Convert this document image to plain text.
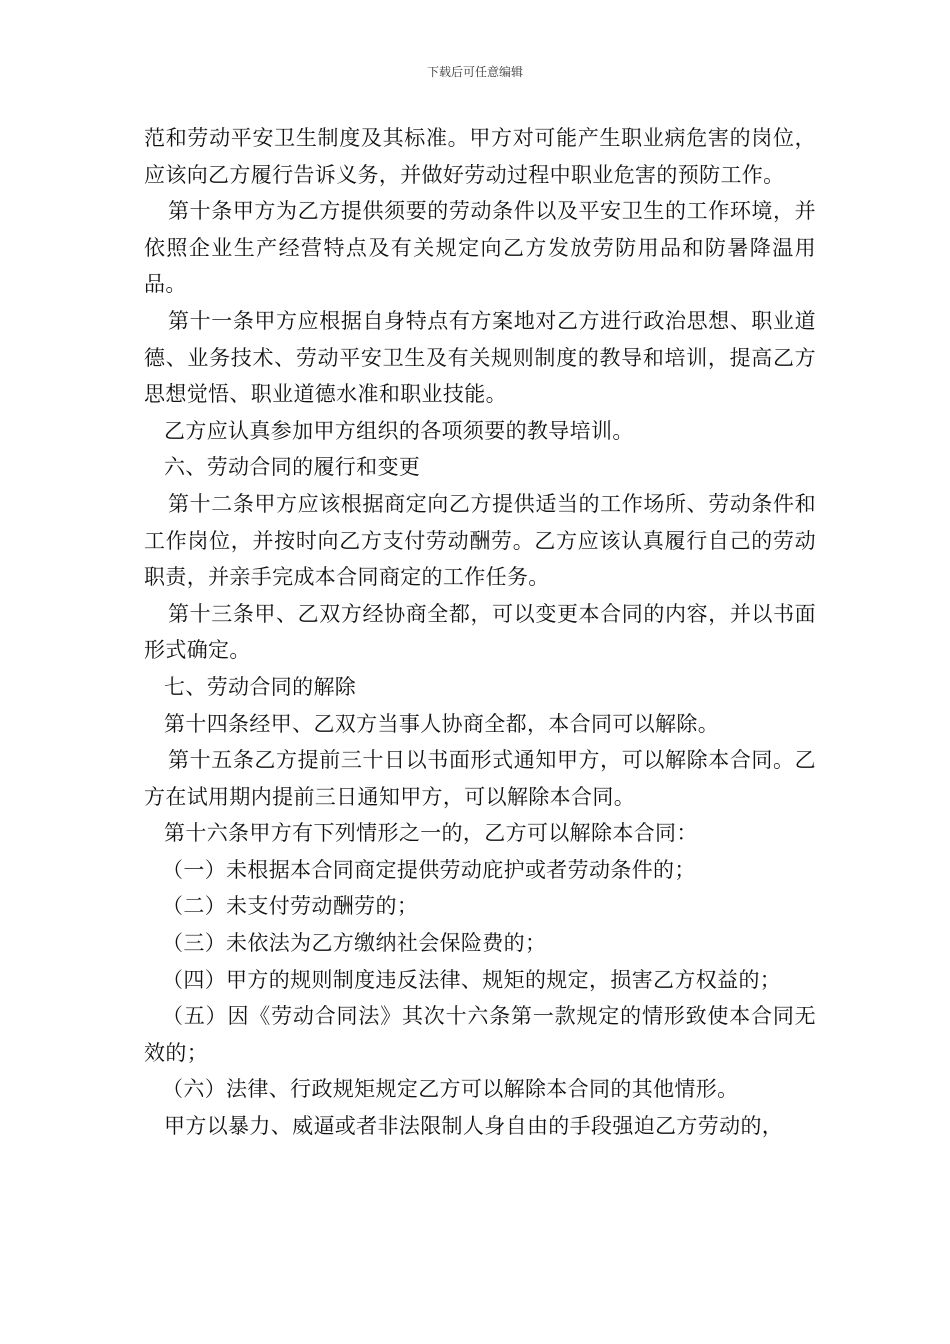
下载后可任意编辑

范和劳动平安卫生制度及其标准。甲方对可能产生职业病危害的岗位，应该向乙方履行告诉义务，并做好劳动过程中职业危害的预防工作。

第十条甲方为乙方提供须要的劳动条件以及平安卫生的工作环境，并依照企业生产经营特点及有关规定向乙方发放劳防用品和防暑降温用品。

第十一条甲方应根据自身特点有方案地对乙方进行政治思想、职业道德、业务技术、劳动平安卫生及有关规则制度的教导和培训，提高乙方思想觉悟、职业道德水准和职业技能。

乙方应认真参加甲方组织的各项须要的教导培训。

六、劳动合同的履行和变更

第十二条甲方应该根据商定向乙方提供适当的工作场所、劳动条件和工作岗位，并按时向乙方支付劳动酬劳。乙方应该认真履行自己的劳动职责，并亲手完成本合同商定的工作任务。

第十三条甲、乙双方经协商全都，可以变更本合同的内容，并以书面形式确定。

七、劳动合同的解除

第十四条经甲、乙双方当事人协商全都，本合同可以解除。

第十五条乙方提前三十日以书面形式通知甲方，可以解除本合同。乙方在试用期内提前三日通知甲方，可以解除本合同。

第十六条甲方有下列情形之一的，乙方可以解除本合同：

（一）未根据本合同商定提供劳动庇护或者劳动条件的；

（二）未支付劳动酬劳的；

（三）未依法为乙方缴纳社会保险费的；

（四）甲方的规则制度违反法律、规矩的规定，损害乙方权益的；

（五）因《劳动合同法》其次十六条第一款规定的情形致使本合同无效的；

（六）法律、行政规矩规定乙方可以解除本合同的其他情形。

甲方以暴力、威逼或者非法限制人身自由的手段强迫乙方劳动的，
